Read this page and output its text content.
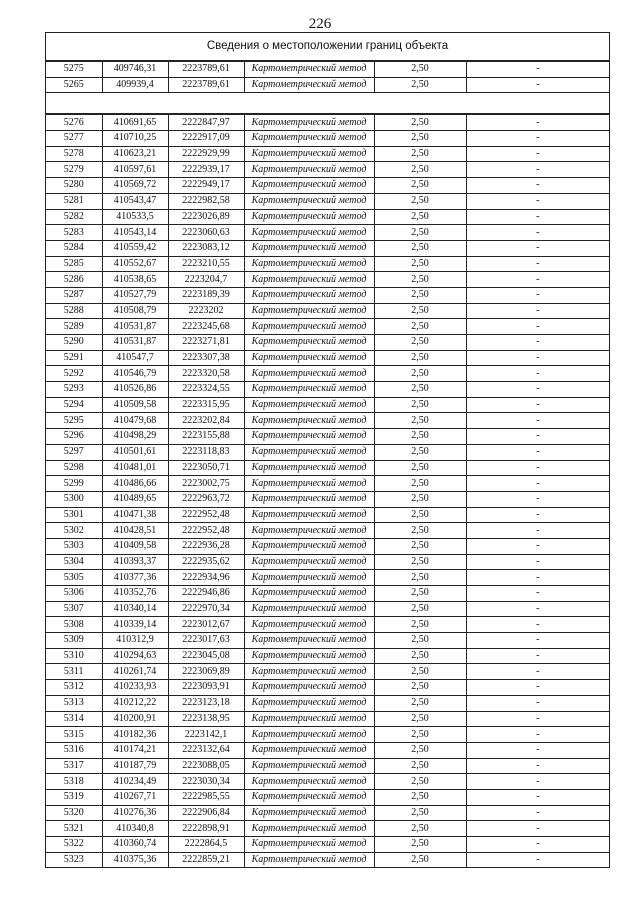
226
Сведения о местоположении границ объекта
5275	409746,31	2223789,61	Картометрический метод	2,50	-
5265	409939,4	2223789,61	Картометрический метод	2,50	-
5276	410691,65	2222847,97	Картометрический метод	2,50	-
5277	410710,25	2222917,09	Картометрический метод	2,50	-
5278	410623,21	2222929,99	Картометрический метод	2,50	-
5279	410597,61	2222939,17	Картометрический метод	2,50	-
5280	410569,72	2222949,17	Картометрический метод	2,50	-
5281	410543,47	2222982,58	Картометрический метод	2,50	-
5282	410533,5	2223026,89	Картометрический метод	2,50	-
5283	410543,14	2223060,63	Картометрический метод	2,50	-
5284	410559,42	2223083,12	Картометрический метод	2,50	-
5285	410552,67	2223210,55	Картометрический метод	2,50	-
5286	410538,65	2223204,7	Картометрический метод	2,50	-
5287	410527,79	2223189,39	Картометрический метод	2,50	-
5288	410508,79	2223202	Картометрический метод	2,50	-
5289	410531,87	2223245,68	Картометрический метод	2,50	-
5290	410531,87	2223271,81	Картометрический метод	2,50	-
5291	410547,7	2223307,38	Картометрический метод	2,50	-
5292	410546,79	2223320,58	Картометрический метод	2,50	-
5293	410526,86	2223324,55	Картометрический метод	2,50	-
5294	410509,58	2223315,95	Картометрический метод	2,50	-
5295	410479,68	2223202,84	Картометрический метод	2,50	-
5296	410498,29	2223155,88	Картометрический метод	2,50	-
5297	410501,61	2223118,83	Картометрический метод	2,50	-
5298	410481,01	2223050,71	Картометрический метод	2,50	-
5299	410486,66	2223002,75	Картометрический метод	2,50	-
5300	410489,65	2222963,72	Картометрический метод	2,50	-
5301	410471,38	2222952,48	Картометрический метод	2,50	-
5302	410428,51	2222952,48	Картометрический метод	2,50	-
5303	410409,58	2222936,28	Картометрический метод	2,50	-
5304	410393,37	2222935,62	Картометрический метод	2,50	-
5305	410377,36	2222934,96	Картометрический метод	2,50	-
5306	410352,76	2222946,86	Картометрический метод	2,50	-
5307	410340,14	2222970,34	Картометрический метод	2,50	-
5308	410339,14	2223012,67	Картометрический метод	2,50	-
5309	410312,9	2223017,63	Картометрический метод	2,50	-
5310	410294,63	2223045,08	Картометрический метод	2,50	-
5311	410261,74	2223069,89	Картометрический метод	2,50	-
5312	410233,93	2223093,91	Картометрический метод	2,50	-
5313	410212,22	2223123,18	Картометрический метод	2,50	-
5314	410200,91	2223138,95	Картометрический метод	2,50	-
5315	410182,36	2223142,1	Картометрический метод	2,50	-
5316	410174,21	2223132,64	Картометрический метод	2,50	-
5317	410187,79	2223088,05	Картометрический метод	2,50	-
5318	410234,49	2223030,34	Картометрический метод	2,50	-
5319	410267,71	2222985,55	Картометрический метод	2,50	-
5320	410276,36	2222906,84	Картометрический метод	2,50	-
5321	410340,8	2222898,91	Картометрический метод	2,50	-
5322	410360,74	2222864,5	Картометрический метод	2,50	-
5323	410375,36	2222859,21	Картометрический метод	2,50	-
